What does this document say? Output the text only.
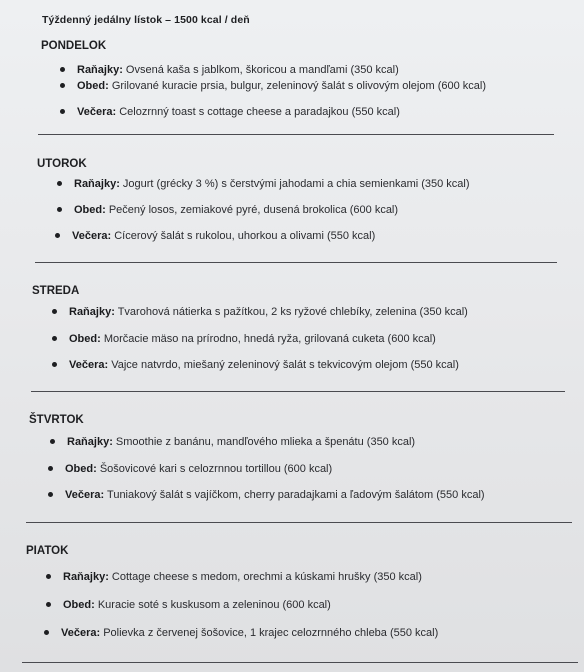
Týždenný jedálny lístok – 1500 kcal / deň
PONDELOK
Raňajky: Ovsená kaša s jablkom, škoricou a mandľami (350 kcal)
Obed: Grilované kuracie prsia, bulgur, zeleninový šalát s olivovým olejom (600 kcal)
Večera: Celozrnný toast s cottage cheese a paradajkou (550 kcal)
UTOROK
Raňajky: Jogurt (grécky 3 %) s čerstvými jahodami a chia semienkami (350 kcal)
Obed: Pečený losos, zemiakové pyré, dusená brokolica (600 kcal)
Večera: Cícerový šalát s rukolou, uhorkou a olivami (550 kcal)
STREDA
Raňajky: Tvarohová nátierka s pažítkou, 2 ks ryžové chlebíky, zelenina (350 kcal)
Obed: Morčacie mäso na prírodno, hnedá ryža, grilovaná cuketa (600 kcal)
Večera: Vajce natvrdo, miešaný zeleninový šalát s tekvicovým olejom (550 kcal)
ŠTVRTOK
Raňajky: Smoothie z banánu, mandľového mlieka a špenátu (350 kcal)
Obed: Šošovicové kari s celozrnnou tortillou (600 kcal)
Večera: Tuniakový šalát s vajíčkom, cherry paradajkami a ľadovým šalátom (550 kcal)
PIATOK
Raňajky: Cottage cheese s medom, orechmi a kúskami hrušky (350 kcal)
Obed: Kuracie soté s kuskusom a zeleninou (600 kcal)
Večera: Polievka z červenej šošovice, 1 krajec celozrnného chleba (550 kcal)
